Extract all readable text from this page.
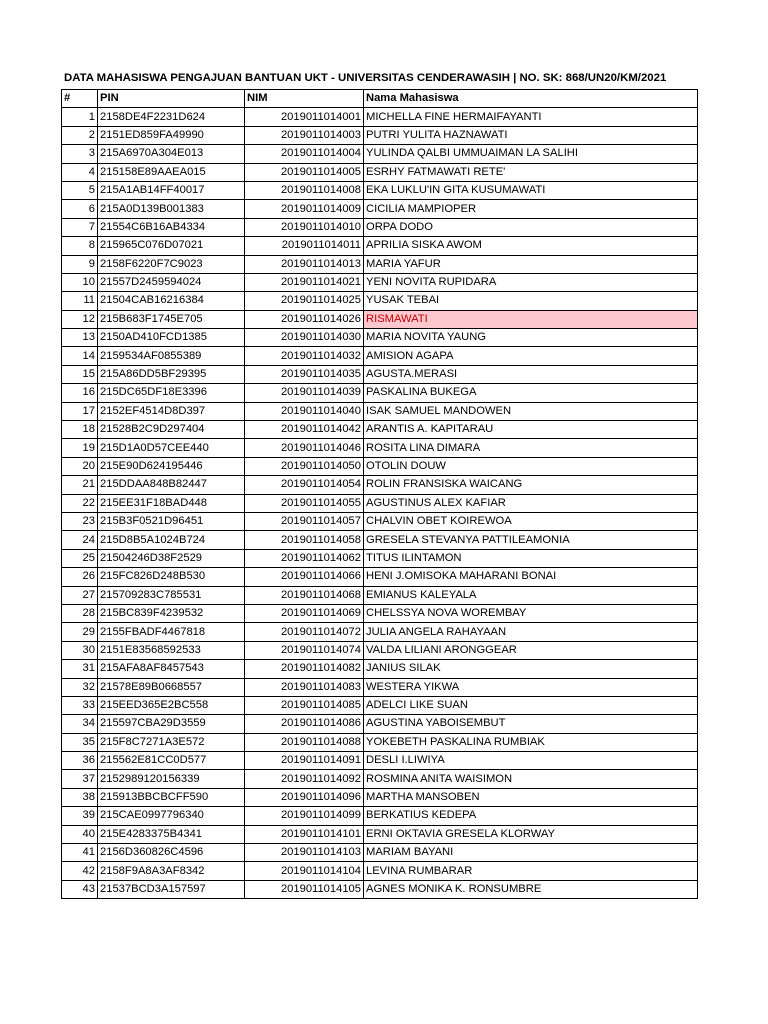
DATA MAHASISWA PENGAJUAN BANTUAN UKT - UNIVERSITAS CENDERAWASIH | NO. SK: 868/UN20/KM/2021
#	PIN	NIM	Nama Mahasiswa
1	2158DE4F2231D624	2019011014001	MICHELLA FINE HERMAIFAYANTI
2	2151ED859FA49990	2019011014003	PUTRI YULITA HAZNAWATI
3	215A6970A304E013	2019011014004	YULINDA QALBI UMMUAIMAN LA SALIHI
4	215158E89AAEA015	2019011014005	ESRHY FATMAWATI RETE'
5	215A1AB14FF40017	2019011014008	EKA LUKLU'IN GITA KUSUMAWATI
6	215A0D139B001383	2019011014009	CICILIA MAMPIOPER
7	21554C6B16AB4334	2019011014010	ORPA DODO
8	215965C076D07021	2019011014011	APRILIA SISKA AWOM
9	2158F6220F7C9023	2019011014013	MARIA YAFUR
10	21557D2459594024	2019011014021	YENI NOVITA RUPIDARA
11	21504CAB16216384	2019011014025	YUSAK TEBAI
12	215B683F1745E705	2019011014026	RISMAWATI
13	2150AD410FCD1385	2019011014030	MARIA NOVITA YAUNG
14	2159534AF0855389	2019011014032	AMISION AGAPA
15	215A86DD5BF29395	2019011014035	AGUSTA.MERASI
16	215DC65DF18E3396	2019011014039	PASKALINA BUKEGA
17	2152EF4514D8D397	2019011014040	ISAK SAMUEL MANDOWEN
18	21528B2C9D297404	2019011014042	ARANTIS A. KAPITARAU
19	215D1A0D57CEE440	2019011014046	ROSITA LINA DIMARA
20	215E90D624195446	2019011014050	OTOLIN DOUW
21	215DDAA848B82447	2019011014054	ROLIN FRANSISKA WAICANG
22	215EE31F18BAD448	2019011014055	AGUSTINUS ALEX KAFIAR
23	215B3F0521D96451	2019011014057	CHALVIN OBET KOIREWOA
24	215D8B5A1024B724	2019011014058	GRESELA STEVANYA PATTILEAMONIA
25	21504246D38F2529	2019011014062	TITUS ILINTAMON
26	215FC826D248B530	2019011014066	HENI J.OMISOKA MAHARANI BONAI
27	215709283C785531	2019011014068	EMIANUS KALEYALA
28	215BC839F4239532	2019011014069	CHELSSYA NOVA WOREMBAY
29	2155FBADF4467818	2019011014072	JULIA ANGELA RAHAYAAN
30	2151E83568592533	2019011014074	VALDA LILIANI ARONGGEAR
31	215AFA8AF8457543	2019011014082	JANIUS SILAK
32	21578E89B0668557	2019011014083	WESTERA YIKWA
33	215EED365E2BC558	2019011014085	ADELCI LIKE SUAN
34	215597CBA29D3559	2019011014086	AGUSTINA YABOISEMBUT
35	215F8C7271A3E572	2019011014088	YOKEBETH PASKALINA RUMBIAK
36	215562E81CC0D577	2019011014091	DESLI I.LIWIYA
37	2152989120156339	2019011014092	ROSMINA ANITA WAISIMON
38	215913BBCBCFF590	2019011014096	MARTHA MANSOBEN
39	215CAE0997796340	2019011014099	BERKATIUS KEDEPA
40	215E4283375B4341	2019011014101	ERNI OKTAVIA GRESELA KLORWAY
41	2156D360826C4596	2019011014103	MARIAM BAYANI
42	2158F9A8A3AF8342	2019011014104	LEVINA RUMBARAR
43	21537BCD3A157597	2019011014105	AGNES MONIKA K. RONSUMBRE
